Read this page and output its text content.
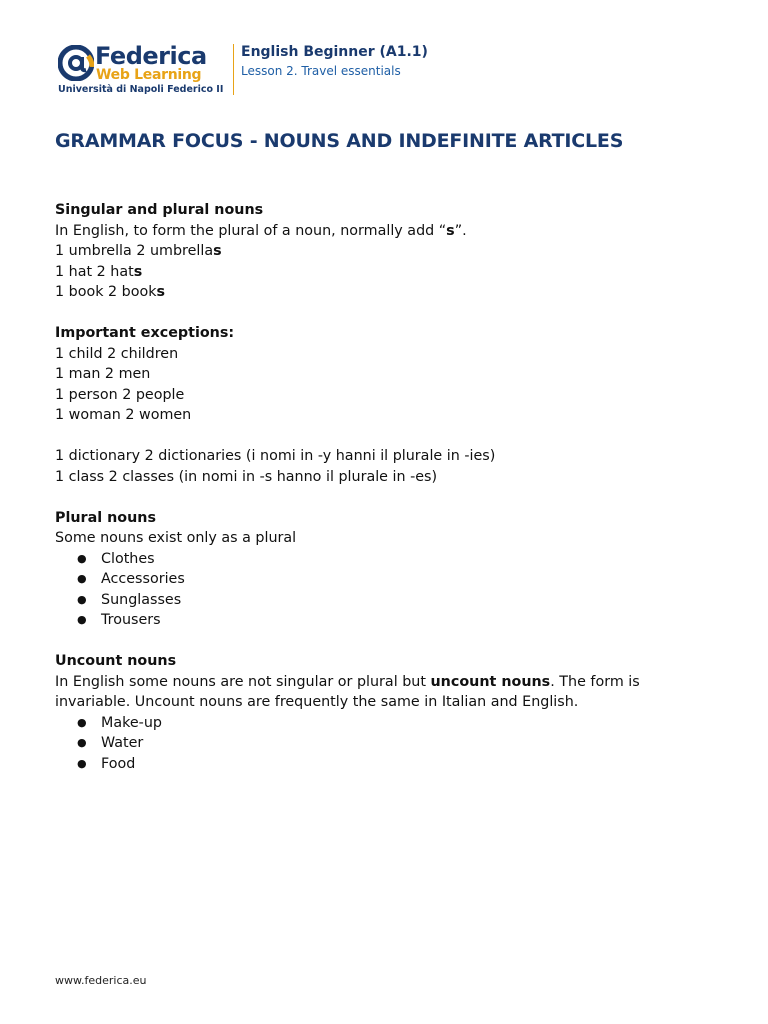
Federica
Web Learning
Università di Napoli Federico II
English Beginner (A1.1)
Lesson 2. Travel essentials
GRAMMAR FOCUS - NOUNS AND INDEFINITE ARTICLES

Singular and plural nouns

In English, to form the plural of a noun, normally add “s”.

1 umbrella 2 umbrellas

1 hat 2 hats

1 book 2 books

Important exceptions:

1 child 2 children

1 man 2 men

1 person 2 people

1 woman 2 women

1 dictionary 2 dictionaries (i nomi in -y hanni il plurale in -ies)

1 class 2 classes (in nomi in -s hanno il plurale in -es)

Plural nouns

Some nouns exist only as a plural

● Clothes
● Accessories
● Sunglasses
● Trousers

Uncount nouns

In English some nouns are not singular or plural but uncount nouns. The form is invariable. Uncount nouns are frequently the same in Italian and English.

● Make-up
● Water
● Food
www.federica.eu
